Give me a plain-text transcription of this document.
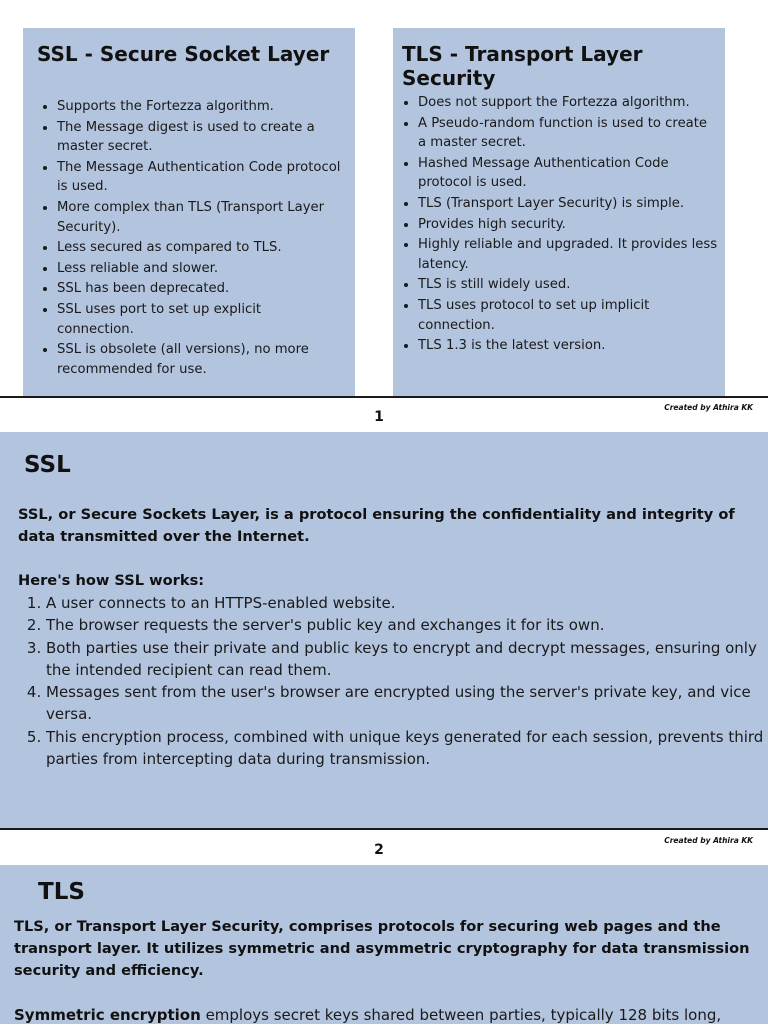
SSL - Secure Socket Layer
• Supports the Fortezza algorithm.
• The Message digest is used to create a master secret.
• The Message Authentication Code protocol is used.
• More complex than TLS (Transport Layer Security).
• Less secured as compared to TLS.
• Less reliable and slower.
• SSL has been deprecated.
• SSL uses port to set up explicit connection.
• SSL is obsolete (all versions), no more recommended for use.
TLS - Transport Layer Security
• Does not support the Fortezza algorithm.
• A Pseudo-random function is used to create a master secret.
• Hashed Message Authentication Code protocol is used.
• TLS (Transport Layer Security) is simple.
• Provides high security.
• Highly reliable and upgraded. It provides less latency.
• TLS is still widely used.
• TLS uses protocol to set up implicit connection.
• TLS 1.3 is the latest version.
Created by Athira KK
1
SSL

SSL, or Secure Sockets Layer, is a protocol ensuring the confidentiality and integrity of data transmitted over the Internet.

Here's how SSL works:

1. A user connects to an HTTPS-enabled website.
2. The browser requests the server's public key and exchanges it for its own.
3. Both parties use their private and public keys to encrypt and decrypt messages, ensuring only the intended recipient can read them.
4. Messages sent from the user's browser are encrypted using the server's private key, and vice versa.
5. This encryption process, combined with unique keys generated for each session, prevents third parties from intercepting data during transmission.
Created by Athira KK
2
TLS

TLS, or Transport Layer Security, comprises protocols for securing web pages and the transport layer. It utilizes symmetric and asymmetric cryptography for data transmission security and efficiency.

Symmetric encryption employs secret keys shared between parties, typically 128 bits long,
